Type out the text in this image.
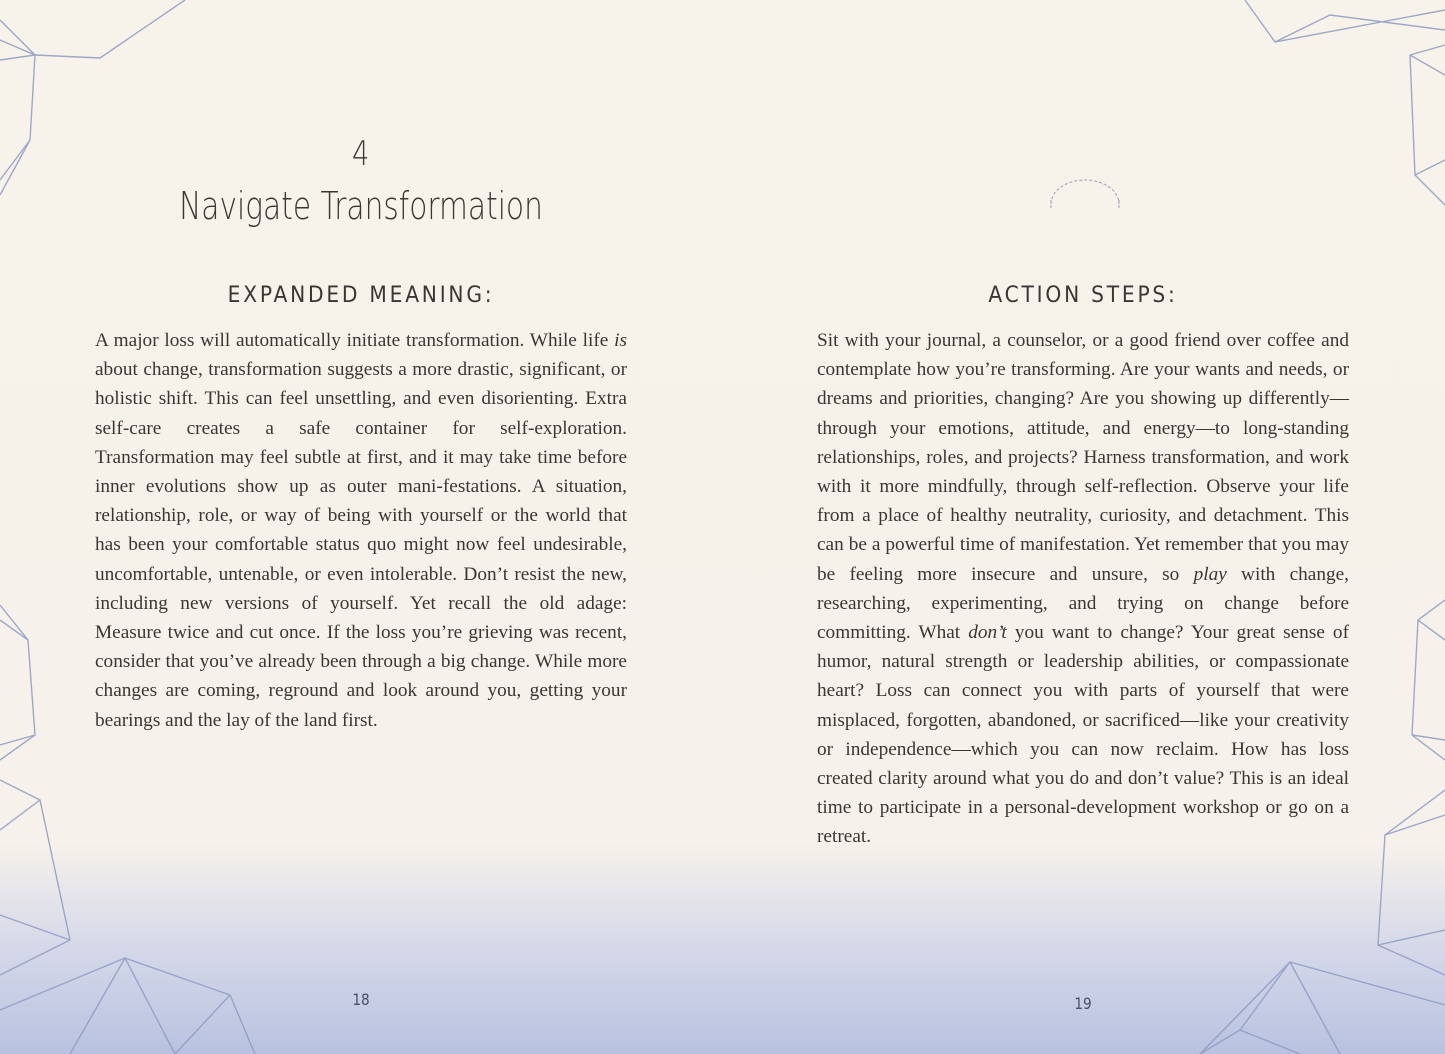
4
Navigate Transformation
EXPANDED MEANING:

A major loss will automatically initiate transformation. While life is about change, transformation suggests a more drastic, significant, or holistic shift. This can feel unsettling, and even disorienting. Extra self-care creates a safe container for self-exploration. Transformation may feel subtle at first, and it may take time before inner evolutions show up as outer mani-festations. A situation, relationship, role, or way of being with yourself or the world that has been your comfortable status quo might now feel undesirable, uncomfortable, untenable, or even intolerable. Don’t resist the new, including new versions of yourself. Yet recall the old adage: Measure twice and cut once. If the loss you’re grieving was recent, consider that you’ve already been through a big change. While more changes are coming, reground and look around you, getting your bearings and the lay of the land first.

18
ACTION STEPS:

Sit with your journal, a counselor, or a good friend over coffee and contemplate how you’re transforming. Are your wants and needs, or dreams and priorities, changing? Are you showing up differently—through your emotions, attitude, and energy—to long-standing relationships, roles, and projects? Harness transformation, and work with it more mindfully, through self-reflection. Observe your life from a place of healthy neutrality, curiosity, and detachment. This can be a powerful time of manifestation. Yet remember that you may be feeling more insecure and unsure, so play with change, researching, experimenting, and trying on change before committing. What don’t you want to change? Your great sense of humor, natural strength or leadership abilities, or compassionate heart? Loss can connect you with parts of yourself that were misplaced, forgotten, abandoned, or sacrificed—like your creativity or independence—which you can now reclaim. How has loss created clarity around what you do and don’t value? This is an ideal time to participate in a personal-development workshop or go on a retreat.

19
